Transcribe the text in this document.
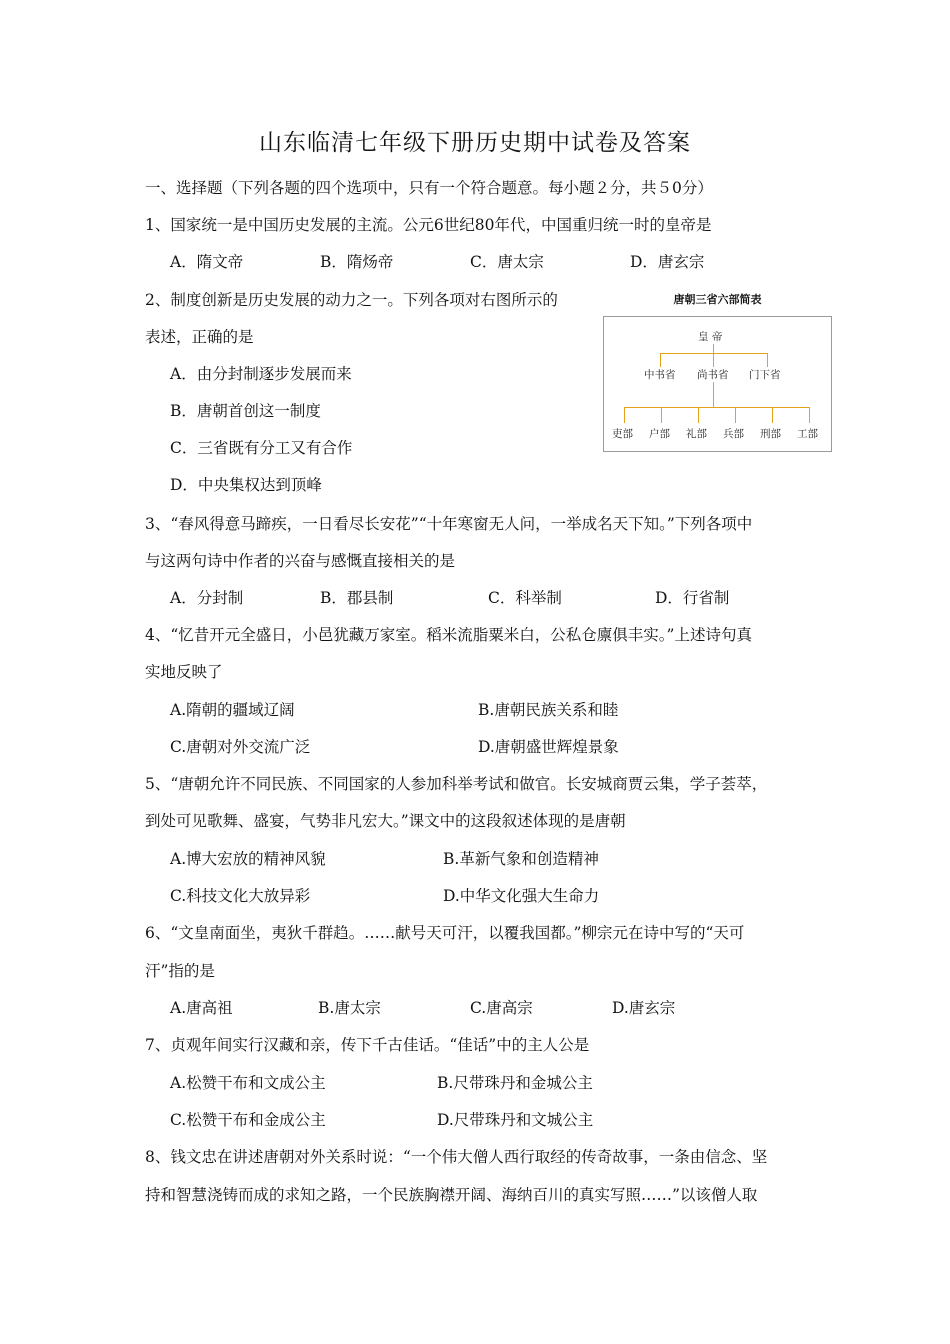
山东临清七年级下册历史期中试卷及答案
一、选择题（下列各题的四个选项中，只有一个符合题意。每小题２分，共５0分）
1、国家统一是中国历史发展的主流。公元6世纪80年代，中国重归统一时的皇帝是
A．隋文帝	B．隋炀帝	C．唐太宗	D．唐玄宗
2、制度创新是历史发展的动力之一。下列各项对右图所示的
表述，正确的是
A．由分封制逐步发展而来
B．唐朝首创这一制度
C．三省既有分工又有合作
D．中央集权达到顶峰
唐朝三省六部简表
皇 帝
中书省 尚书省 门下省
吏部 户部 礼部 兵部 刑部 工部
3、“春风得意马蹄疾，一日看尽长安花”“十年寒窗无人问，一举成名天下知。”下列各项中
与这两句诗中作者的兴奋与感慨直接相关的是
A．分封制	B．郡县制	C．科举制	D．行省制
4、“忆昔开元全盛日，小邑犹藏万家室。稻米流脂粟米白，公私仓廪俱丰实。”上述诗句真
实地反映了
A.隋朝的疆域辽阔	B.唐朝民族关系和睦
C.唐朝对外交流广泛	D.唐朝盛世辉煌景象
5、“唐朝允许不同民族、不同国家的人参加科举考试和做官。长安城商贾云集，学子荟萃，
到处可见歌舞、盛宴，气势非凡宏大。”课文中的这段叙述体现的是唐朝
A.博大宏放的精神风貌	B.革新气象和创造精神
C.科技文化大放异彩	D.中华文化强大生命力
6、“文皇南面坐，夷狄千群趋。……献号天可汗，以覆我国都。”柳宗元在诗中写的“天可
汗”指的是
A.唐高祖	B.唐太宗	C.唐高宗	D.唐玄宗
7、贞观年间实行汉藏和亲，传下千古佳话。“佳话”中的主人公是
A.松赞干布和文成公主	B.尺带珠丹和金城公主
C.松赞干布和金成公主	D.尺带珠丹和文城公主
8、钱文忠在讲述唐朝对外关系时说：“一个伟大僧人西行取经的传奇故事，一条由信念、坚
持和智慧浇铸而成的求知之路，一个民族胸襟开阔、海纳百川的真实写照……”以该僧人取
